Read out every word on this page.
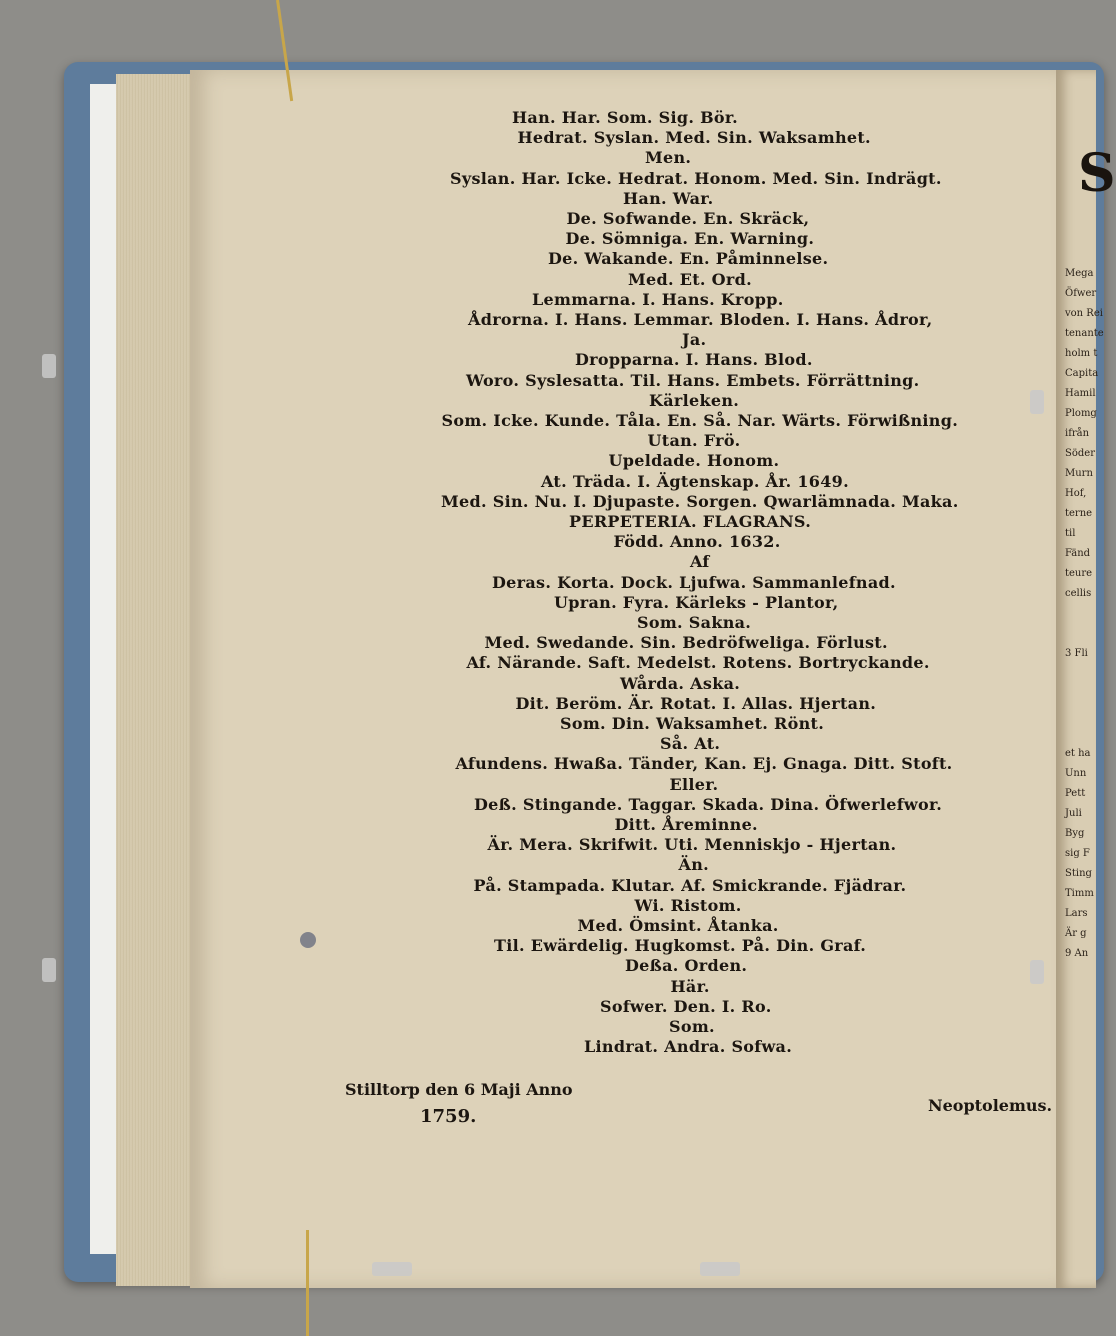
S
Mega
Öfwer
von Rei
tenante
holm t
Capita
Hamil
Plomg
ifrån
Söder
Murn
Hof,
terne
til
Fänd
teure
cellis
3 Fli
et ha
Unn
Pett
Juli
Byg
sig F
Sting
Timm
Lars
Är g
9 An
Han. Har. Som. Sig. Bör.
Hedrat. Syslan. Med. Sin. Waksamhet.
Men.
Syslan. Har. Icke. Hedrat. Honom. Med. Sin. Indrägt.
Han. War.
De. Sofwande. En. Skräck,
De. Sömniga. En. Warning.
De. Wakande. En. Påminnelse.
Med. Et. Ord.
Lemmarna. I. Hans. Kropp.
Ådrorna. I. Hans. Lemmar. Bloden. I. Hans. Ådror,
Ja.
Dropparna. I. Hans. Blod.
Woro. Syslesatta. Til. Hans. Embets. Förrättning.
Kärleken.
Som. Icke. Kunde. Tåla. En. Så. Nar. Wärts. Förwißning.
Utan. Frö.
Upeldade. Honom.
At. Träda. I. Ägtenskap. År. 1649.
Med. Sin. Nu. I. Djupaste. Sorgen. Qwarlämnada. Maka.
PERPETERIA. FLAGRANS.
Född. Anno. 1632.
Af
Deras. Korta. Dock. Ljufwa. Sammanlefnad.
Upran. Fyra. Kärleks - Plantor,
Som. Sakna.
Med. Swedande. Sin. Bedröfweliga. Förlust.
Af. Närande. Saft. Medelst. Rotens. Bortryckande.
Wårda. Aska.
Dit. Beröm. Är. Rotat. I. Allas. Hjertan.
Som. Din. Waksamhet. Rönt.
Så. At.
Afundens. Hwaßa. Tänder, Kan. Ej. Gnaga. Ditt. Stoft.
Eller.
Deß. Stingande. Taggar. Skada. Dina. Öfwerlefwor.
Ditt. Åreminne.
Är. Mera. Skrifwit. Uti. Menniskjo - Hjertan.
Än.
På. Stampada. Klutar. Af. Smickrande. Fjädrar.
Wi. Ristom.
Med. Ömsint. Åtanka.
Til. Ewärdelig. Hugkomst. På. Din. Graf.
Deßa. Orden.
Här.
Sofwer. Den. I. Ro.
Som.
Lindrat. Andra. Sofwa.
Stilltorp den 6 Maji Anno
1759.
Neoptolemus.
